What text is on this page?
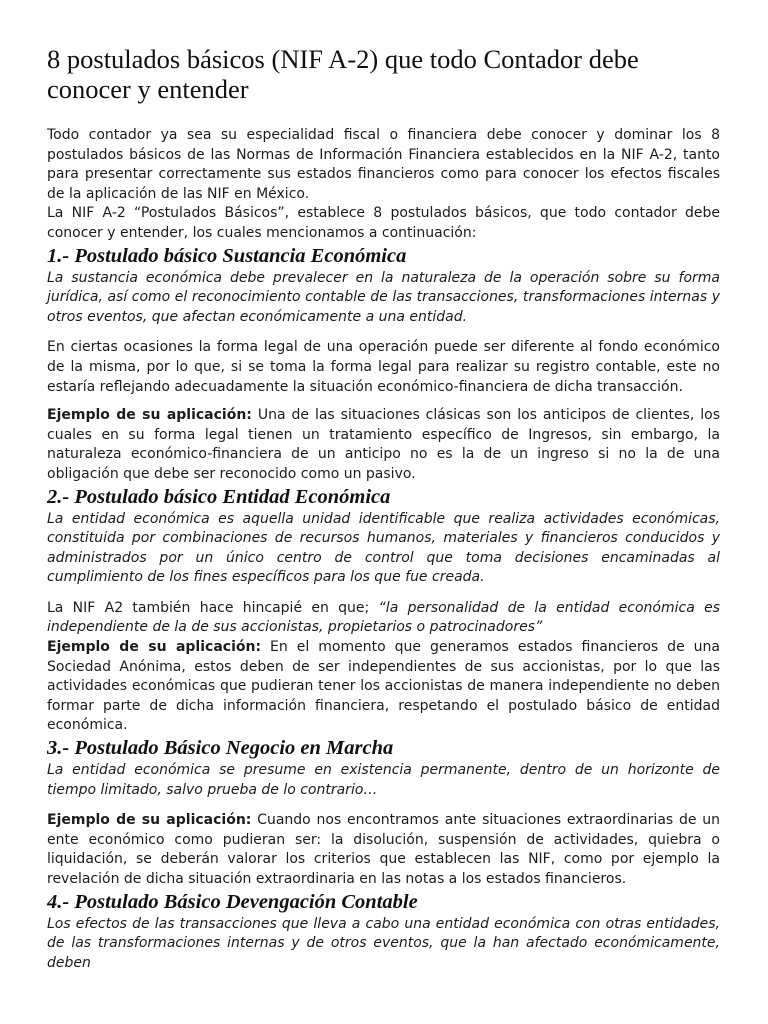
8 postulados básicos (NIF A-2) que todo Contador debe conocer y entender

Todo contador ya sea su especialidad fiscal o financiera debe conocer y dominar los 8 postulados básicos de las Normas de Información Financiera establecidos en la NIF A-2, tanto para presentar correctamente sus estados financieros como para conocer los efectos fiscales de la aplicación de las NIF en México.

La NIF A-2 “Postulados Básicos”, establece 8 postulados básicos, que todo contador debe conocer y entender, los cuales mencionamos a continuación:

1.- Postulado básico Sustancia Económica

La sustancia económica debe prevalecer en la naturaleza de la operación sobre su forma jurídica, así como el reconocimiento contable de las transacciones, transformaciones internas y otros eventos, que afectan económicamente a una entidad.

En ciertas ocasiones la forma legal de una operación puede ser diferente al fondo económico de la misma, por lo que, si se toma la forma legal para realizar su registro contable, este no estaría reflejando adecuadamente la situación económico-financiera de dicha transacción.

Ejemplo de su aplicación: Una de las situaciones clásicas son los anticipos de clientes, los cuales en su forma legal tienen un tratamiento específico de Ingresos, sin embargo, la naturaleza económico-financiera de un anticipo no es la de un ingreso si no la de una obligación que debe ser reconocido como un pasivo.

2.- Postulado básico Entidad Económica

La entidad económica es aquella unidad identificable que realiza actividades económicas, constituida por combinaciones de recursos humanos, materiales y financieros conducidos y administrados por un único centro de control que toma decisiones encaminadas al cumplimiento de los fines específicos para los que fue creada.

La NIF A2 también hace hincapié en que; “la personalidad de la entidad económica es independiente de la de sus accionistas, propietarios o patrocinadores”

Ejemplo de su aplicación: En el momento que generamos estados financieros de una Sociedad Anónima, estos deben de ser independientes de sus accionistas, por lo que las actividades económicas que pudieran tener los accionistas de manera independiente no deben formar parte de dicha información financiera, respetando el postulado básico de entidad económica.

3.- Postulado Básico Negocio en Marcha

La entidad económica se presume en existencia permanente, dentro de un horizonte de tiempo limitado, salvo prueba de lo contrario…

Ejemplo de su aplicación: Cuando nos encontramos ante situaciones extraordinarias de un ente económico como pudieran ser: la disolución, suspensión de actividades, quiebra o liquidación, se deberán valorar los criterios que establecen las NIF, como por ejemplo la revelación de dicha situación extraordinaria en las notas a los estados financieros.

4.- Postulado Básico Devengación Contable

Los efectos de las transacciones que lleva a cabo una entidad económica con otras entidades, de las transformaciones internas y de otros eventos, que la han afectado económicamente, deben
